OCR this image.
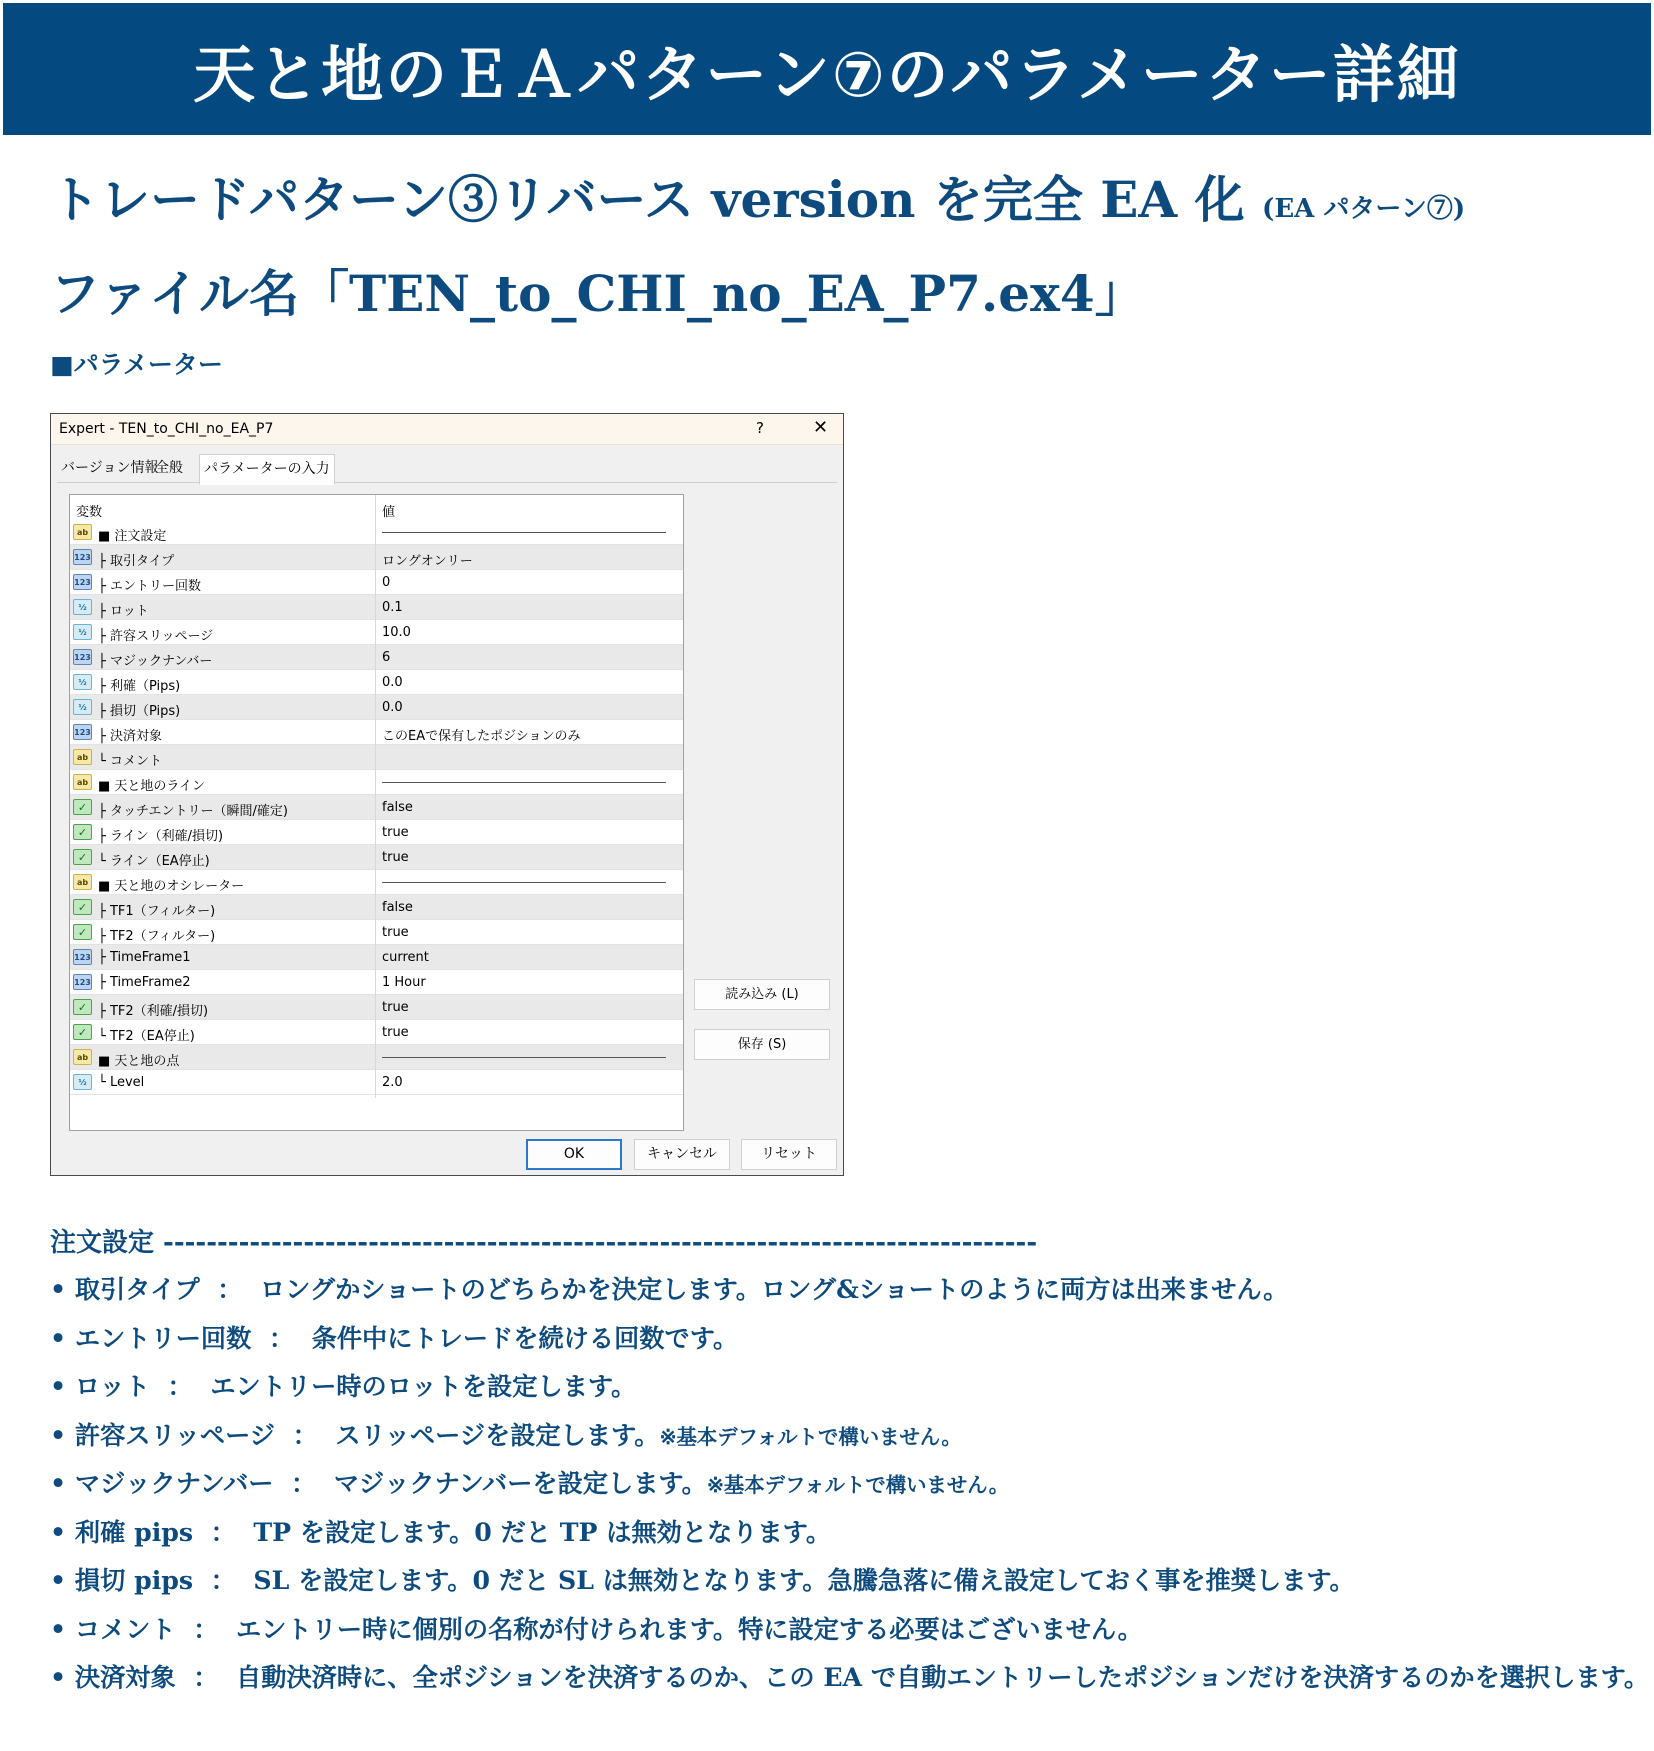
天と地のＥＡパターン⑦のパラメーター詳細
トレードパターン③リバース version を完全 EA 化 (EA パターン⑦)
ファイル名「TEN_to_CHI_no_EA_P7.ex4」
■パラメーター
Expert - TEN_to_CHI_no_EA_P7	?	✕
バージョン情報
全般	パラメーターの入力
変数	値
ab ■ 注文設定
123 ├ 取引タイプ	ロングオンリー
123 ├ エントリー回数	0
½ ├ ロット	0.1
½ ├ 許容スリッページ	10.0
123 ├ マジックナンバー	6
½ ├ 利確（Pips)	0.0
½ ├ 損切（Pips)	0.0
123 ├ 決済対象	このEAで保有したポジションのみ
ab └ コメント
ab ■ 天と地のライン
✓ ├ タッチエントリー（瞬間/確定)	false
✓ ├ ライン（利確/損切)	true
✓ └ ライン（EA停止)	true
ab ■ 天と地のオシレーター
✓ ├ TF1（フィルター)	false
✓ ├ TF2（フィルター)	true
123 ├ TimeFrame1	current
123 ├ TimeFrame2	1 Hour
✓ ├ TF2（利確/損切)	true
✓ └ TF2（EA停止)	true
ab ■ 天と地の点
½ └ Level	2.0
読み込み (L)
保存 (S)
OK	キャンセル	リセット
注文設定 ---------------------------------------------------------------------------------
• 取引タイプ  ：  ロングかショートのどちらかを決定します。ロング&ショートのように両方は出来ません。
• エントリー回数  ：  条件中にトレードを続ける回数です。
• ロット  ：  エントリー時のロットを設定します。
• 許容スリッページ  ：  スリッページを設定します。※基本デフォルトで構いません。
• マジックナンバー  ：  マジックナンバーを設定します。※基本デフォルトで構いません。
• 利確 pips  ：  TP を設定します。0 だと TP は無効となります。
• 損切 pips  ：  SL を設定します。0 だと SL は無効となります。急騰急落に備え設定しておく事を推奨します。
• コメント  ：  エントリー時に個別の名称が付けられます。特に設定する必要はございません。
• 決済対象  ：  自動決済時に、全ポジションを決済するのか、この EA で自動エントリーしたポジションだけを決済するのかを選択します。
